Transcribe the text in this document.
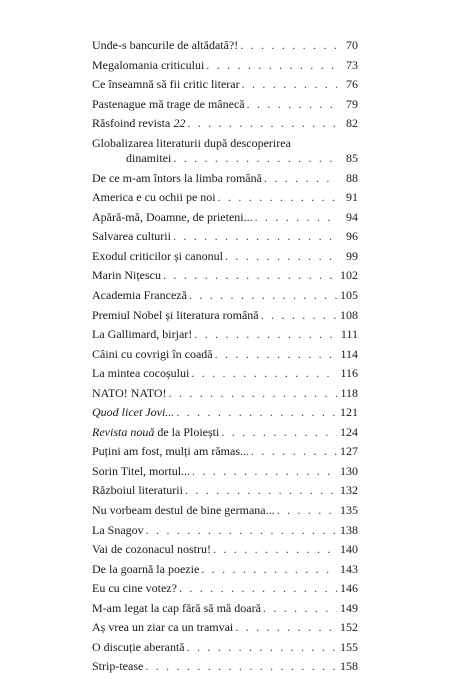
Unde-s bancurile de altădată?! . . .	70
Megalomania criticului . . .	73
Ce înseamnă să fii critic literar . . .	76
Pastenague mă trage de mânecă . . .	79
Răsfoind revista 22 . . .	82
Globalizarea literaturii după descoperirea
dinamitei . . .	85
De ce m-am întors la limba română . . .	88
America e cu ochii pe noi . . .	91
Apără-mă, Doamne, de prieteni... . . .	94
Salvarea culturii . . .	96
Exodul criticilor și canonul . . .	99
Marin Nițescu . . .	102
Academia Franceză . . .	105
Premiul Nobel și literatura română . . .	108
La Gallimard, birjar! . . .	111
Câini cu covrigi în coadă . . .	114
La mintea cocoșului . . .	116
NATO! NATO! . . .	118
Quod licet Jovi... . . .	121
Revista nouă de la Ploiești . . .	124
Puțini am fost, mulți am rămas... . . .	127
Sorin Titel, mortul... . . .	130
Războiul literaturii . . .	132
Nu vorbeam destul de bine germana... . . .	135
La Snagov . . .	138
Vai de cozonacul nostru! . . .	140
De la goarnă la poezie . . .	143
Eu cu cine votez? . . .	146
M-am legat la cap fără să mă doară . . .	149
Aș vrea un ziar ca un tramvai . . .	152
O discuție aberantă . . .	155
Strip-tease . . .	158
